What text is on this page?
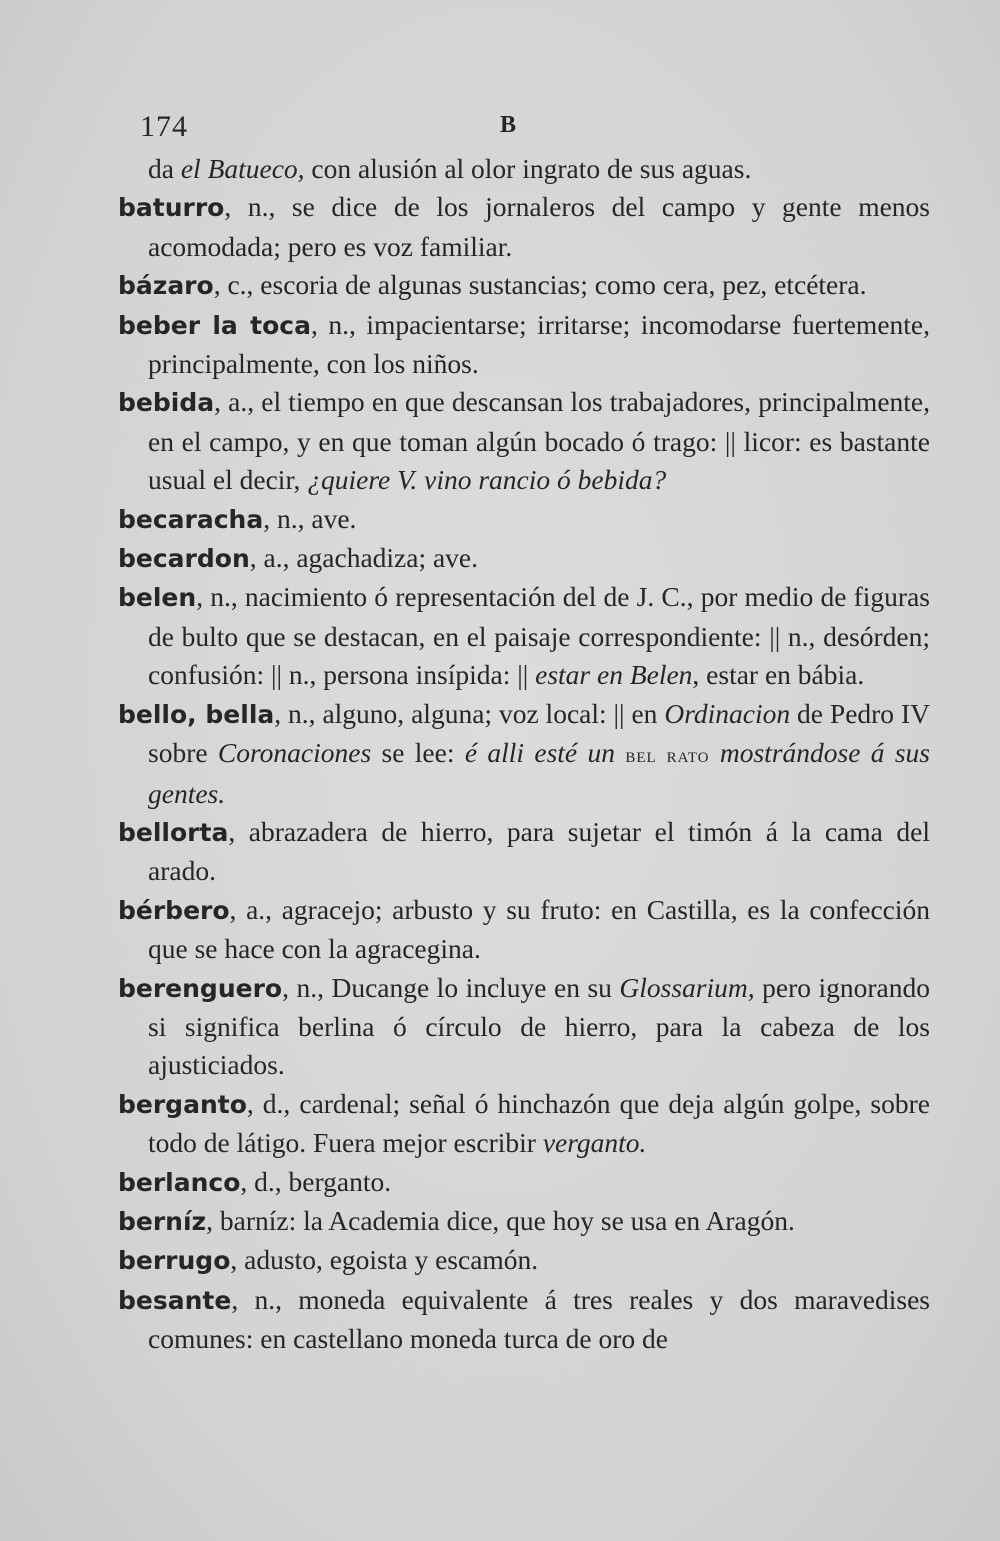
174	B

da el Batueco, con alusión al olor ingrato de sus aguas.

baturro, n., se dice de los jornaleros del campo y gente menos acomodada; pero es voz familiar.

bázaro, c., escoria de algunas sustancias; como cera, pez, etcétera.

beber la toca, n., impacientarse; irritarse; incomodarse fuertemente, principalmente, con los niños.

bebida, a., el tiempo en que descansan los trabajadores, principalmente, en el campo, y en que toman algún bocado ó trago: || licor: es bastante usual el decir, ¿quiere V. vino rancio ó bebida?

becaracha, n., ave.

becardon, a., agachadiza; ave.

belen, n., nacimiento ó representación del de J. C., por medio de figuras de bulto que se destacan, en el paisaje correspondiente: || n., desórden; confusión: || n., persona insípida: || estar en Belen, estar en bábia.

bello, bella, n., alguno, alguna; voz local: || en Ordinacion de Pedro IV sobre Coronaciones se lee: é alli esté un bel rato mostrándose á sus gentes.

bellorta, abrazadera de hierro, para sujetar el timón á la cama del arado.

bérbero, a., agracejo; arbusto y su fruto: en Castilla, es la confección que se hace con la agracegina.

berenguero, n., Ducange lo incluye en su Glossarium, pero ignorando si significa berlina ó círculo de hierro, para la cabeza de los ajusticiados.

berganto, d., cardenal; señal ó hinchazón que deja algún golpe, sobre todo de látigo. Fuera mejor escribir verganto.

berlanco, d., berganto.

berníz, barníz: la Academia dice, que hoy se usa en Aragón.

berrugo, adusto, egoista y escamón.

besante, n., moneda equivalente á tres reales y dos maravedises comunes: en castellano moneda turca de oro de
